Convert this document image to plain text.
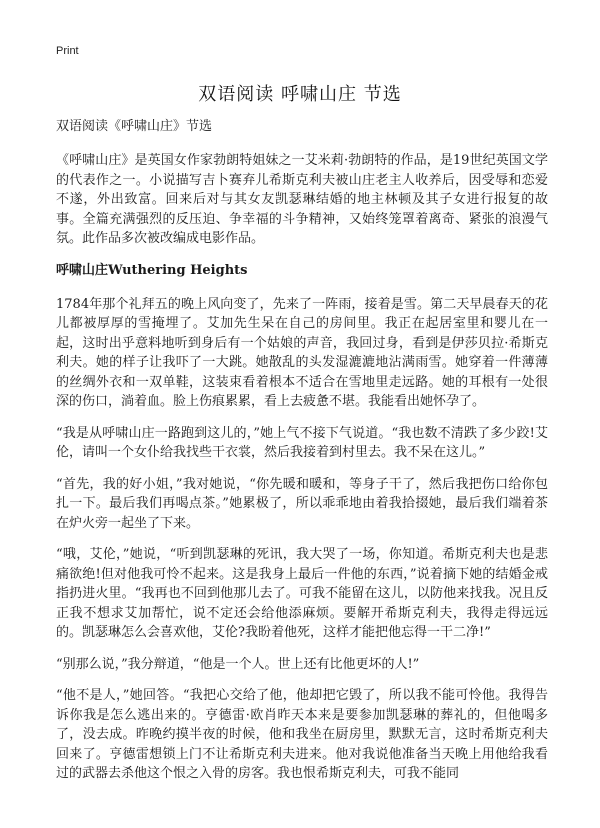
Print
双语阅读 呼啸山庄 节选
双语阅读《呼啸山庄》节选

《呼啸山庄》是英国女作家勃朗特姐妹之一艾米莉·勃朗特的作品，是19世纪英国文学的代表作之一。小说描写吉卜赛弃儿希斯克利夫被山庄老主人收养后，因受辱和恋爱不遂，外出致富。回来后对与其女友凯瑟琳结婚的地主林顿及其子女进行报复的故事。全篇充满强烈的反压迫、争幸福的斗争精神，又始终笼罩着离奇、紧张的浪漫气氛。此作品多次被改编成电影作品。

呼啸山庄Wuthering Heights

1784年那个礼拜五的晚上风向变了，先来了一阵雨，接着是雪。第二天早晨春天的花儿都被厚厚的雪掩埋了。艾加先生呆在自己的房间里。我正在起居室里和婴儿在一起，这时出乎意料地听到身后有一个姑娘的声音，我回过身，看到是伊莎贝拉·希斯克利夫。她的样子让我吓了一大跳。她散乱的头发湿漉漉地沾满雨雪。她穿着一件薄薄的丝绸外衣和一双单鞋，这装束看着根本不适合在雪地里走远路。她的耳根有一处很深的伤口，淌着血。脸上伤痕累累，看上去疲惫不堪。我能看出她怀孕了。

“我是从呼啸山庄一路跑到这儿的，”她上气不接下气说道。“我也数不清跌了多少跤!艾伦，请叫一个女仆给我找些干衣裳，然后我接着到村里去。我不呆在这儿。”

“首先，我的好小姐，”我对她说，“你先暖和暖和，等身子干了，然后我把伤口给你包扎一下。最后我们再喝点茶。”她累极了，所以乖乖地由着我拾掇她，最后我们端着茶在炉火旁一起坐了下来。

“哦，艾伦，”她说，“听到凯瑟琳的死讯，我大哭了一场，你知道。希斯克利夫也是悲痛欲绝!但对他我可怜不起来。这是我身上最后一件他的东西，”说着摘下她的结婚金戒指扔进火里。“我再也不回到他那儿去了。可我不能留在这儿，以防他来找我。况且反正我不想求艾加帮忙，说不定还会给他添麻烦。要解开希斯克利夫，我得走得远远的。凯瑟琳怎么会喜欢他，艾伦?我盼着他死，这样才能把他忘得一干二净!”

“别那么说，”我分辩道，“他是一个人。世上还有比他更坏的人!”

“他不是人，”她回答。“我把心交给了他，他却把它毁了，所以我不能可怜他。我得告诉你我是怎么逃出来的。亨德雷·欧肖昨天本来是要参加凯瑟琳的葬礼的，但他喝多了，没去成。昨晚约摸半夜的时候，他和我坐在厨房里，默默无言，这时希斯克利夫回来了。亨德雷想锁上门不让希斯克利夫进来。他对我说他准备当天晚上用他给我看过的武器去杀他这个恨之入骨的房客。我也恨希斯克利夫，可我不能同
